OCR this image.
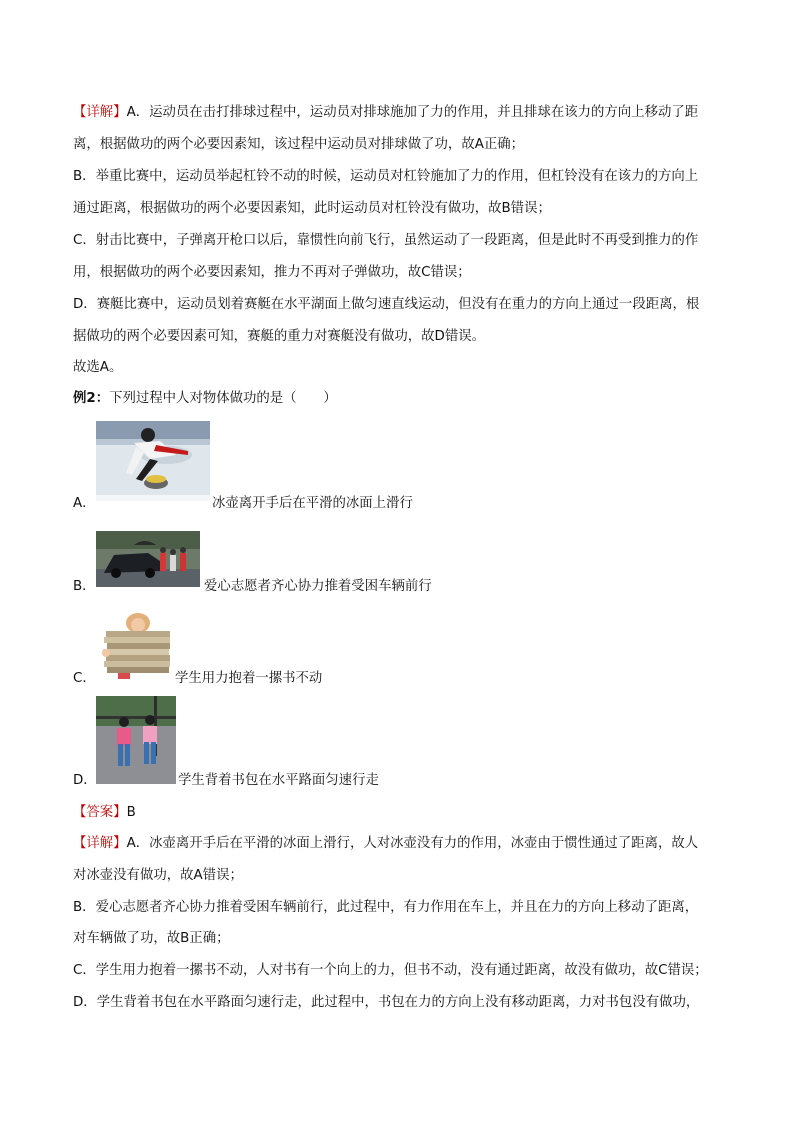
【详解】A．运动员在击打排球过程中，运动员对排球施加了力的作用，并且排球在该力的方向上移动了距
离，根据做功的两个必要因素知，该过程中运动员对排球做了功，故A正确；
B．举重比赛中，运动员举起杠铃不动的时候，运动员对杠铃施加了力的作用，但杠铃没有在该力的方向上
通过距离，根据做功的两个必要因素知，此时运动员对杠铃没有做功，故B错误；
C．射击比赛中，子弹离开枪口以后，靠惯性向前飞行，虽然运动了一段距离，但是此时不再受到推力的作
用，根据做功的两个必要因素知，推力不再对子弹做功，故C错误；
D．赛艇比赛中，运动员划着赛艇在水平湖面上做匀速直线运动，但没有在重力的方向上通过一段距离，根
据做功的两个必要因素可知，赛艇的重力对赛艇没有做功，故D错误。
故选A。
例2：下列过程中人对物体做功的是（　　）
A．	冰壶离开手后在平滑的冰面上滑行
B．	爱心志愿者齐心协力推着受困车辆前行
C．	学生用力抱着一摞书不动
D．	学生背着书包在水平路面匀速行走
【答案】B
【详解】A．冰壶离开手后在平滑的冰面上滑行，人对冰壶没有力的作用，冰壶由于惯性通过了距离，故人
对冰壶没有做功，故A错误；
B．爱心志愿者齐心协力推着受困车辆前行，此过程中，有力作用在车上，并且在力的方向上移动了距离，
对车辆做了功，故B正确；
C．学生用力抱着一摞书不动，人对书有一个向上的力，但书不动，没有通过距离，故没有做功，故C错误；
D．学生背着书包在水平路面匀速行走，此过程中，书包在力的方向上没有移动距离，力对书包没有做功，
